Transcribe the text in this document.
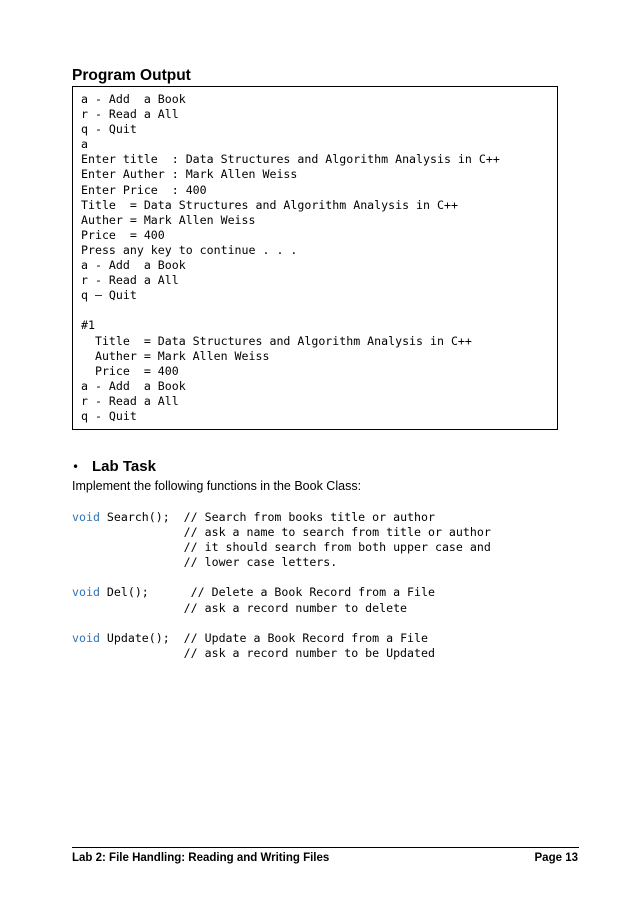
Program Output
a - Add  a Book
r - Read a All
q - Quit
a
Enter title  : Data Structures and Algorithm Analysis in C++
Enter Auther : Mark Allen Weiss
Enter Price  : 400
Title  = Data Structures and Algorithm Analysis in C++
Auther = Mark Allen Weiss
Price  = 400
Press any key to continue . . .
a - Add  a Book
r - Read a All
q – Quit
#1
Title  = Data Structures and Algorithm Analysis in C++
Auther = Mark Allen Weiss
Price  = 400
a - Add  a Book
r - Read a All
q - Quit
• Lab Task
Implement the following functions in the Book Class:
void Search();  // Search from books title or author
// ask a name to search from title or author
// it should search from both upper case and
// lower case letters.
void Del();      // Delete a Book Record from a File
// ask a record number to delete
void Update();  // Update a Book Record from a File
// ask a record number to be Updated
Lab 2: File Handling: Reading and Writing Files	Page 13
